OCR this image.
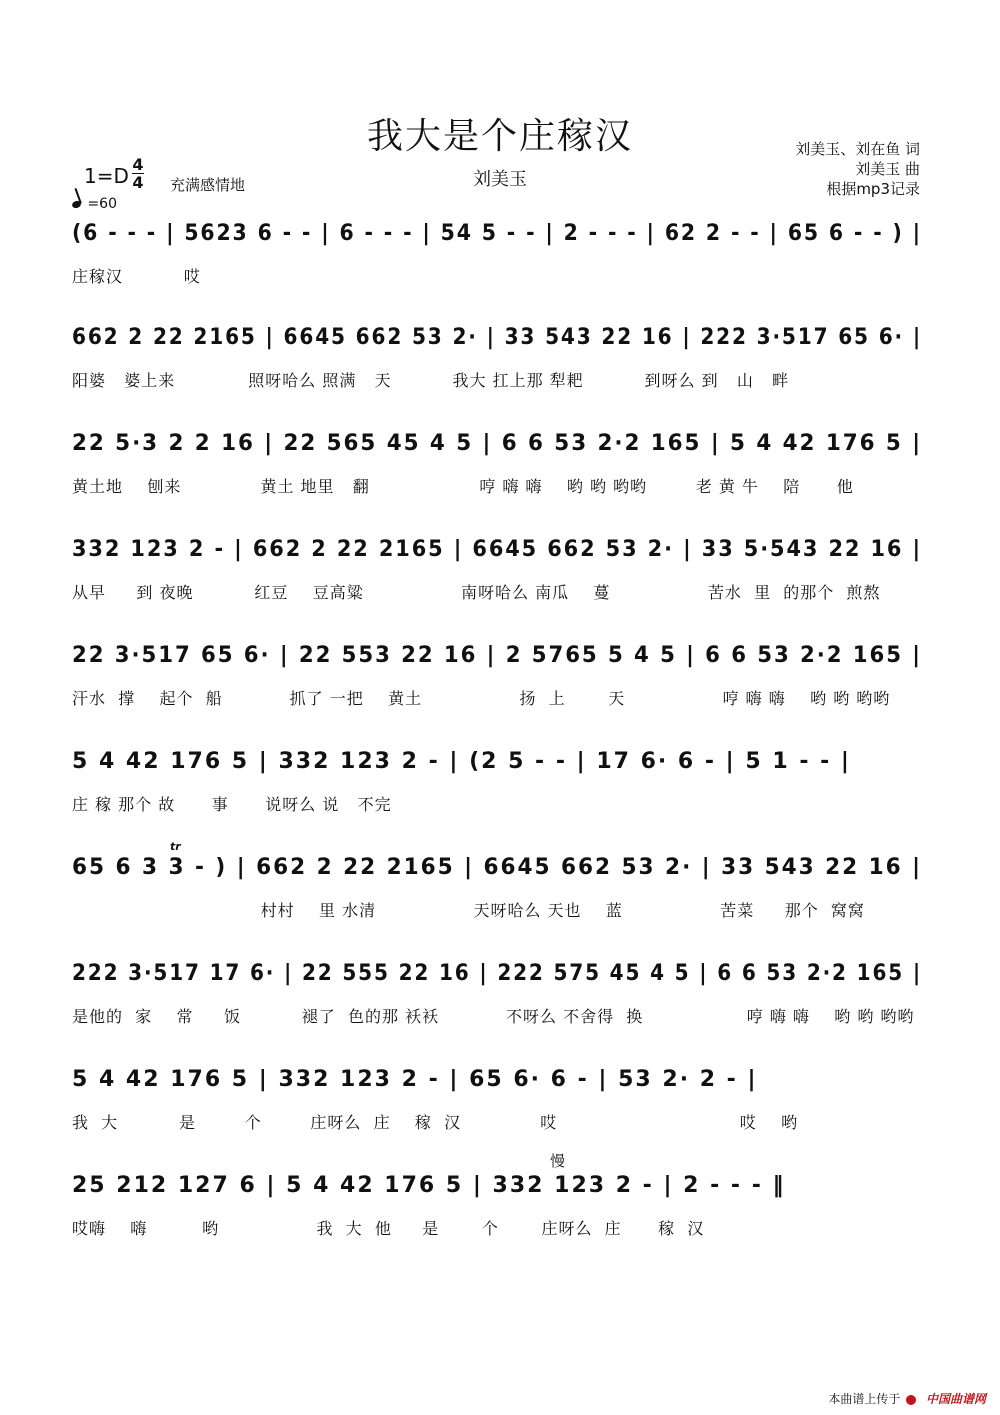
我大是个庄稼汉
刘美玉
刘美玉、刘在鱼 词
刘美玉 曲
根据mp3记录
1=D 4
4 充满感情地
=60
慢
tr
(6 - - - | 5623 6 - - | 6 - - - | 54 5 - - | 2 - - - | 62 2 - - | 65 6 - - ) |
庄稼汉          哎
662 2 22 2165 | 6645 662 53 2· | 33 543 22 16 | 222 3·517 65 6· |
阳婆   婆上来            照呀哈么 照满   天          我大 扛上那 犁耙          到呀么 到   山   畔
22 5·3 2 2 16 | 22 565 45 4 5 | 6 6 53 2·2 165 | 5 4 42 176 5 |
黄土地    刨来             黄土 地里   翻                  哼 嗨 嗨    哟 哟 哟哟        老 黄 牛    陪      他
332 123 2 - | 662 2 22 2165 | 6645 662 53 2· | 33 5·543 22 16 |
从早     到 夜晚          红豆    豆高粱                南呀哈么 南瓜    蔓                苦水  里  的那个  煎熬
22 3·517 65 6· | 22 553 22 16 | 2 5765 5 4 5 | 6 6 53 2·2 165 |
汗水  撑    起个  船           抓了 一把    黄土                扬  上       天                哼 嗨 嗨    哟 哟 哟哟
5 4 42 176 5 | 332 123 2 - | (2 5 - - | 17 6· 6 - | 5 1 - - |
庄 稼 那个 故      事      说呀么 说   不完
65 6 3 3 - ) | 662 2 22 2165 | 6645 662 53 2· | 33 543 22 16 |
村村    里 水清                天呀哈么 天也    蓝                苦菜     那个  窝窝
222 3·517 17 6· | 22 555 22 16 | 222 575 45 4 5 | 6 6 53 2·2 165 |
是他的  家    常     饭          褪了  色的那 袄袄           不呀么 不舍得  换                 哼 嗨 嗨    哟 哟 哟哟
5 4 42 176 5 | 332 123 2 - | 65 6· 6 - | 53 2· 2 - |
我  大          是        个        庄呀么  庄    稼  汉             哎                              哎    哟
25 212 127 6 | 5 4 42 176 5 | 332 123 2 - | 2 - - - ‖
哎嗨    嗨         哟                我  大  他     是       个       庄呀么  庄      稼  汉
本曲谱上传于 中国曲谱网
